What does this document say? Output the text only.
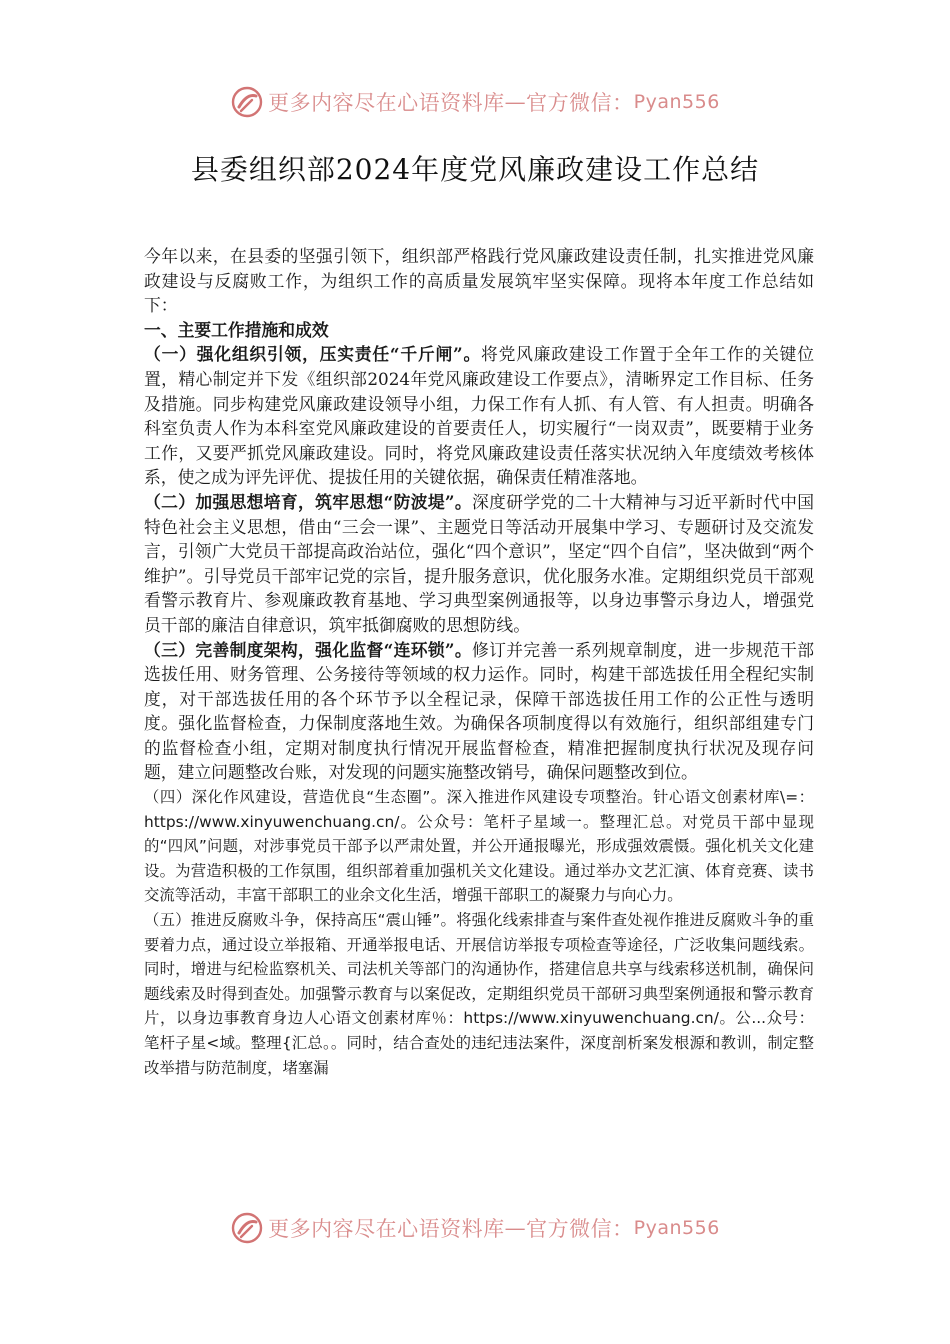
更多内容尽在心语资料库 — 官方微信： Pyan556
县委组织部2024年度党风廉政建设工作总结

今年以来，在县委的坚强引领下，组织部严格践行党风廉政建设责任制，扎实推进党风廉政建设与反腐败工作，为组织工作的高质量发展筑牢坚实保障。现将本年度工作总结如下：

一、主要工作措施和成效

（一）强化组织引领，压实责任“千斤闸”。将党风廉政建设工作置于全年工作的关键位置，精心制定并下发《组织部2024年党风廉政建设工作要点》，清晰界定工作目标、任务及措施。同步构建党风廉政建设领导小组，力保工作有人抓、有人管、有人担责。明确各科室负责人作为本科室党风廉政建设的首要责任人，切实履行“一岗双责”，既要精于业务工作，又要严抓党风廉政建设。同时，将党风廉政建设责任落实状况纳入年度绩效考核体系，使之成为评先评优、提拔任用的关键依据，确保责任精准落地。

（二）加强思想培育，筑牢思想“防波堤”。深度研学党的二十大精神与习近平新时代中国特色社会主义思想，借由“三会一课”、主题党日等活动开展集中学习、专题研讨及交流发言，引领广大党员干部提高政治站位，强化“四个意识”，坚定“四个自信”，坚决做到“两个维护”。引导党员干部牢记党的宗旨，提升服务意识，优化服务水准。定期组织党员干部观看警示教育片、参观廉政教育基地、学习典型案例通报等，以身边事警示身边人，增强党员干部的廉洁自律意识，筑牢抵御腐败的思想防线。

（三）完善制度架构，强化监督“连环锁”。修订并完善一系列规章制度，进一步规范干部选拔任用、财务管理、公务接待等领域的权力运作。同时，构建干部选拔任用全程纪实制度，对干部选拔任用的各个环节予以全程记录，保障干部选拔任用工作的公正性与透明度。强化监督检查，力保制度落地生效。为确保各项制度得以有效施行，组织部组建专门的监督检查小组，定期对制度执行情况开展监督检查，精准把握制度执行状况及现存问题，建立问题整改台账，对发现的问题实施整改销号，确保问题整改到位。

（四）深化作风建设，营造优良“生态圈”。深入推进作风建设专项整治。针心语文创素材库\=：https://www.xinyuwenchuang.cn/。公众号：笔杆子星域一。整理汇总。对党员干部中显现的“四风”问题，对涉事党员干部予以严肃处置，并公开通报曝光，形成强效震慑。强化机关文化建设。为营造积极的工作氛围，组织部着重加强机关文化建设。通过举办文艺汇演、体育竞赛、读书交流等活动，丰富干部职工的业余文化生活，增强干部职工的凝聚力与向心力。

（五）推进反腐败斗争，保持高压“震山锤”。将强化线索排查与案件查处视作推进反腐败斗争的重要着力点，通过设立举报箱、开通举报电话、开展信访举报专项检查等途径，广泛收集问题线索。同时，增进与纪检监察机关、司法机关等部门的沟通协作，搭建信息共享与线索移送机制，确保问题线索及时得到查处。加强警示教育与以案促改，定期组织党员干部研习典型案例通报和警示教育片，以身边事教育身边人心语文创素材库％：https://www.xinyuwenchuang.cn/。公...众号：笔杆子星<域。整理{汇总。。同时，结合查处的违纪违法案件，深度剖析案发根源和教训，制定整改举措与防范制度，堵塞漏

更多内容尽在心语资料库 — 官方微信： Pyan556
